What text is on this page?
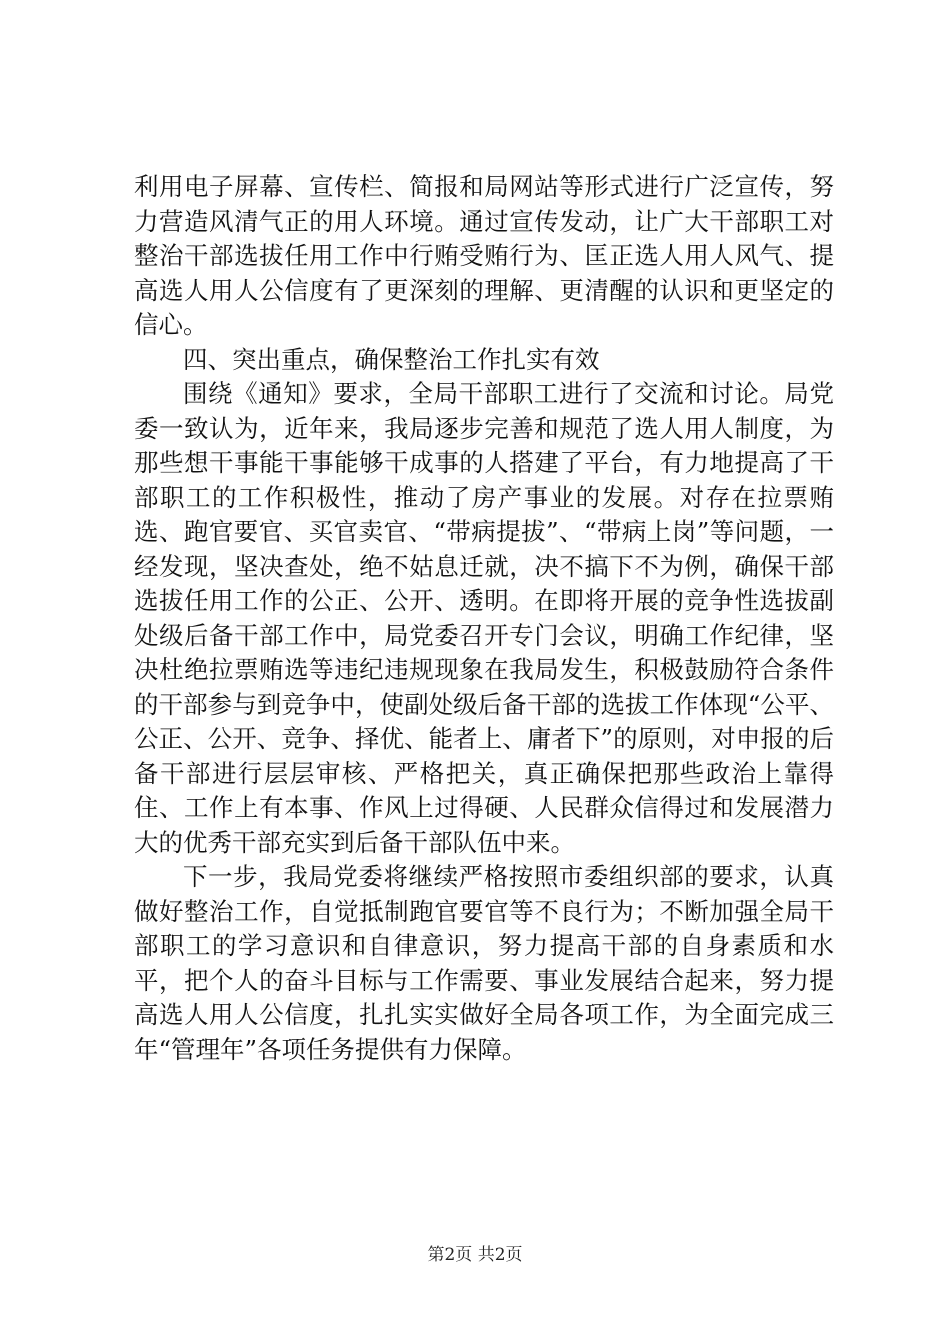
利用电子屏幕、宣传栏、简报和局网站等形式进行广泛宣传，努力营造风清气正的用人环境。通过宣传发动，让广大干部职工对整治干部选拔任用工作中行贿受贿行为、匡正选人用人风气、提高选人用人公信度有了更深刻的理解、更清醒的认识和更坚定的信心。

四、突出重点，确保整治工作扎实有效

围绕《通知》要求，全局干部职工进行了交流和讨论。局党委一致认为，近年来，我局逐步完善和规范了选人用人制度，为那些想干事能干事能够干成事的人搭建了平台，有力地提高了干部职工的工作积极性，推动了房产事业的发展。对存在拉票贿选、跑官要官、买官卖官、“带病提拔”、“带病上岗”等问题，一经发现，坚决查处，绝不姑息迁就，决不搞下不为例，确保干部选拔任用工作的公正、公开、透明。在即将开展的竞争性选拔副处级后备干部工作中，局党委召开专门会议，明确工作纪律，坚决杜绝拉票贿选等违纪违规现象在我局发生，积极鼓励符合条件的干部参与到竞争中，使副处级后备干部的选拔工作体现“公平、公正、公开、竞争、择优、能者上、庸者下”的原则，对申报的后备干部进行层层审核、严格把关，真正确保把那些政治上靠得住、工作上有本事、作风上过得硬、人民群众信得过和发展潜力大的优秀干部充实到后备干部队伍中来。

下一步，我局党委将继续严格按照市委组织部的要求，认真做好整治工作，自觉抵制跑官要官等不良行为；不断加强全局干部职工的学习意识和自律意识，努力提高干部的自身素质和水平，把个人的奋斗目标与工作需要、事业发展结合起来，努力提高选人用人公信度，扎扎实实做好全局各项工作，为全面完成三年“管理年”各项任务提供有力保障。

第2页 共2页
